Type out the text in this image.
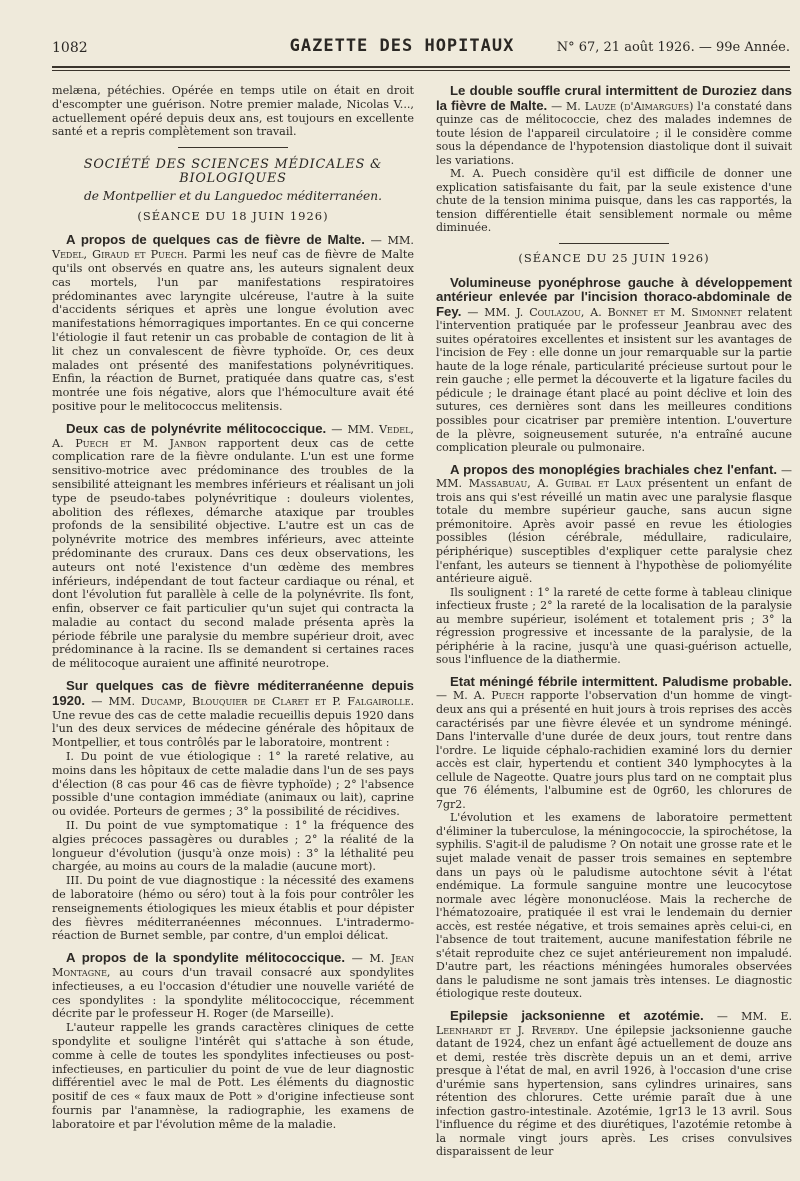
1082	GAZETTE DES HOPITAUX	N° 67, 21 août 1926. — 99e Année.

melæna, pétéchies. Opérée en temps utile on était en droit d'escompter une guérison. Notre premier malade, Nicolas V..., actuellement opéré depuis deux ans, est toujours en excellente santé et a repris complètement son travail.

SOCIÉTÉ DES SCIENCES MÉDICALES & BIOLOGIQUES
de Montpellier et du Languedoc méditerranéen.
(SÉANCE DU 18 JUIN 1926)

A propos de quelques cas de fièvre de Malte. — MM. Vedel, Giraud et Puech. Parmi les neuf cas de fièvre de Malte qu'ils ont observés en quatre ans, les auteurs signalent deux cas mortels, l'un par manifestations respiratoires prédominantes avec laryngite ulcéreuse, l'autre à la suite d'accidents sériques et après une longue évolution avec manifestations hémorragiques importantes. En ce qui concerne l'étiologie il faut retenir un cas probable de contagion de lit à lit chez un convalescent de fièvre typhoïde. Or, ces deux malades ont présenté des manifestations polynévritiques. Enfin, la réaction de Burnet, pratiquée dans quatre cas, s'est montrée une fois négative, alors que l'hémoculture avait été positive pour le melitococcus melitensis.

Deux cas de polynévrite mélitococcique. — MM. Vedel, A. Puech et M. Janbon rapportent deux cas de cette complication rare de la fièvre ondulante. L'un est une forme sensitivo-motrice avec prédominance des troubles de la sensibilité atteignant les membres inférieurs et réalisant un joli type de pseudo-tabes polynévritique : douleurs violentes, abolition des réflexes, démarche ataxique par troubles profonds de la sensibilité objective. L'autre est un cas de polynévrite motrice des membres inférieurs, avec atteinte prédominante des cruraux. Dans ces deux observations, les auteurs ont noté l'existence d'un œdème des membres inférieurs, indépendant de tout facteur cardiaque ou rénal, et dont l'évolution fut parallèle à celle de la polynévrite. Ils font, enfin, observer ce fait particulier qu'un sujet qui contracta la maladie au contact du second malade présenta après la période fébrile une paralysie du membre supérieur droit, avec prédominance à la racine. Ils se demandent si certaines races de mélitocoque auraient une affinité neurotrope.

Sur quelques cas de fièvre méditerranéenne depuis 1920. — MM. Ducamp, Blouquier de Claret et P. Falgairolle. Une revue des cas de cette maladie recueillis depuis 1920 dans l'un des deux services de médecine générale des hôpitaux de Montpellier, et tous contrôlés par le laboratoire, montrent :

I. Du point de vue étiologique : 1° la rareté relative, au moins dans les hôpitaux de cette maladie dans l'un de ses pays d'élection (8 cas pour 46 cas de fièvre typhoïde) ; 2° l'absence possible d'une contagion immédiate (animaux ou lait), caprine ou ovidée. Porteurs de germes ; 3° la possibilité de récidives.

II. Du point de vue symptomatique : 1° la fréquence des algies précoces passagères ou durables ; 2° la réalité de la longueur d'évolution (jusqu'à onze mois) : 3° la léthalité peu chargée, au moins au cours de la maladie (aucune mort).

III. Du point de vue diagnostique : la nécessité des examens de laboratoire (hémo ou séro) tout à la fois pour contrôler les renseignements étiologiques les mieux établis et pour dépister des fièvres méditerranéennes méconnues. L'intradermo-réaction de Burnet semble, par contre, d'un emploi délicat.

A propos de la spondylite mélitococcique. — M. Jean Montagne, au cours d'un travail consacré aux spondylites infectieuses, a eu l'occasion d'étudier une nouvelle variété de ces spondylites : la spondylite mélitococcique, récemment décrite par le professeur H. Roger (de Marseille).

L'auteur rappelle les grands caractères cliniques de cette spondylite et souligne l'intérêt qui s'attache à son étude, comme à celle de toutes les spondylites infectieuses ou post-infectieuses, en particulier du point de vue de leur diagnostic différentiel avec le mal de Pott. Les éléments du diagnostic positif de ces « faux maux de Pott » d'origine infectieuse sont fournis par l'anamnèse, la radiographie, les examens de laboratoire et par l'évolution même de la maladie.

Le double souffle crural intermittent de Duroziez dans la fièvre de Malte. — M. Lauze (d'Aimargues) l'a constaté dans quinze cas de mélitococcie, chez des malades indemnes de toute lésion de l'appareil circulatoire ; il le considère comme sous la dépendance de l'hypotension diastolique dont il suivait les variations.

M. A. Puech considère qu'il est difficile de donner une explication satisfaisante du fait, par la seule existence d'une chute de la tension minima puisque, dans les cas rapportés, la tension différentielle était sensiblement normale ou même diminuée.

(SÉANCE DU 25 JUIN 1926)

Volumineuse pyonéphrose gauche à développement antérieur enlevée par l'incision thoraco-abdominale de Fey. — MM. J. Coulazou, A. Bonnet et M. Simonnet relatent l'intervention pratiquée par le professeur Jeanbrau avec des suites opératoires excellentes et insistent sur les avantages de l'incision de Fey : elle donne un jour remarquable sur la partie haute de la loge rénale, particularité précieuse surtout pour le rein gauche ; elle permet la découverte et la ligature faciles du pédicule ; le drainage étant placé au point déclive et loin des sutures, ces dernières sont dans les meilleures conditions possibles pour cicatriser par première intention. L'ouverture de la plèvre, soigneusement suturée, n'a entraîné aucune complication pleurale ou pulmonaire.

A propos des monoplégies brachiales chez l'enfant. — MM. Massabuau, A. Guibal et Laux présentent un enfant de trois ans qui s'est réveillé un matin avec une paralysie flasque totale du membre supérieur gauche, sans aucun signe prémonitoire. Après avoir passé en revue les étiologies possibles (lésion cérébrale, médullaire, radiculaire, périphérique) susceptibles d'expliquer cette paralysie chez l'enfant, les auteurs se tiennent à l'hypothèse de poliomyélite antérieure aiguë.

Ils soulignent : 1° la rareté de cette forme à tableau clinique infectieux fruste ; 2° la rareté de la localisation de la paralysie au membre supérieur, isolément et totalement pris ; 3° la régression progressive et incessante de la paralysie, de la périphérie à la racine, jusqu'à une quasi-guérison actuelle, sous l'influence de la diathermie.

Etat méningé fébrile intermittent. Paludisme probable. — M. A. Puech rapporte l'observation d'un homme de vingt-deux ans qui a présenté en huit jours à trois reprises des accès caractérisés par une fièvre élevée et un syndrome méningé. Dans l'intervalle d'une durée de deux jours, tout rentre dans l'ordre. Le liquide céphalo-rachidien examiné lors du dernier accès est clair, hypertendu et contient 340 lymphocytes à la cellule de Nageotte. Quatre jours plus tard on ne comptait plus que 76 éléments, l'albumine est de 0gr60, les chlorures de 7gr2.

L'évolution et les examens de laboratoire permettent d'éliminer la tuberculose, la méningococcie, la spirochétose, la syphilis. S'agit-il de paludisme ? On notait une grosse rate et le sujet malade venait de passer trois semaines en septembre dans un pays où le paludisme autochtone sévit à l'état endémique. La formule sanguine montre une leucocytose normale avec légère mononucléose. Mais la recherche de l'hématozoaire, pratiquée il est vrai le lendemain du dernier accès, est restée négative, et trois semaines après celui-ci, en l'absence de tout traitement, aucune manifestation fébrile ne s'était reproduite chez ce sujet antérieurement non impaludé. D'autre part, les réactions méningées humorales observées dans le paludisme ne sont jamais très intenses. Le diagnostic étiologique reste douteux.

Epilepsie jacksonienne et azotémie. — MM. E. Leenhardt et J. Reverdy. Une épilepsie jacksonienne gauche datant de 1924, chez un enfant âgé actuellement de douze ans et demi, restée très discrète depuis un an et demi, arrive presque à l'état de mal, en avril 1926, à l'occasion d'une crise d'urémie sans hypertension, sans cylindres urinaires, sans rétention des chlorures. Cette urémie paraît due à une infection gastro-intestinale. Azotémie, 1gr13 le 13 avril. Sous l'influence du régime et des diurétiques, l'azotémie retombe à la normale vingt jours après. Les crises convulsives disparaissent de leur
